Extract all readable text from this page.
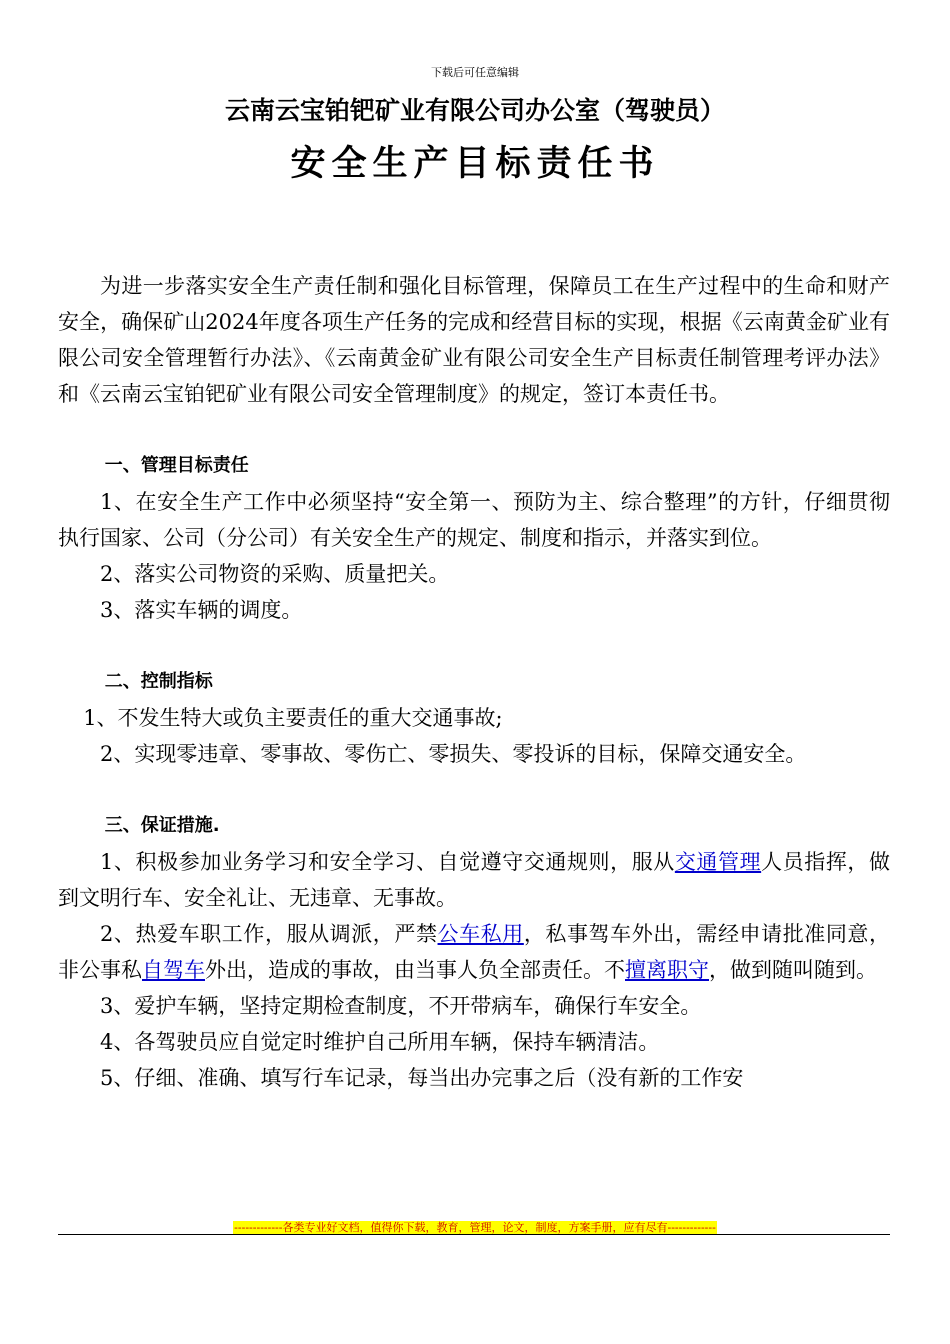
下载后可任意编辑
云南云宝铂钯矿业有限公司办公室（驾驶员）
安全生产目标责任书

为进一步落实安全生产责任制和强化目标管理，保障员工在生产过程中的生命和财产安全，确保矿山2024年度各项生产任务的完成和经营目标的实现，根据《云南黄金矿业有限公司安全管理暂行办法》、《云南黄金矿业有限公司安全生产目标责任制管理考评办法》和《云南云宝铂钯矿业有限公司安全管理制度》的规定，签订本责任书。

一、管理目标责任

1、在安全生产工作中必须坚持“安全第一、预防为主、综合整理”的方针，仔细贯彻执行国家、公司（分公司）有关安全生产的规定、制度和指示，并落实到位。

2、落实公司物资的采购、质量把关。

3、落实车辆的调度。

二、控制指标

1、不发生特大或负主要责任的重大交通事故;

2、实现零违章、零事故、零伤亡、零损失、零投诉的目标，保障交通安全。

三、保证措施.

1、积极参加业务学习和安全学习、自觉遵守交通规则，服从交通管理人员指挥，做到文明行车、安全礼让、无违章、无事故。

2、热爱车职工作，服从调派，严禁公车私用，私事驾车外出，需经申请批准同意，非公事私自驾车外出，造成的事故，由当事人负全部责任。不擅离职守，做到随叫随到。

3、爱护车辆，坚持定期检查制度，不开带病车，确保行车安全。

4、各驾驶员应自觉定时维护自己所用车辆，保持车辆清洁。

5、仔细、准确、填写行车记录，每当出办完事之后（没有新的工作安

-------------各类专业好文档，值得你下载，教育，管理，论文，制度，方案手册，应有尽有-------------
